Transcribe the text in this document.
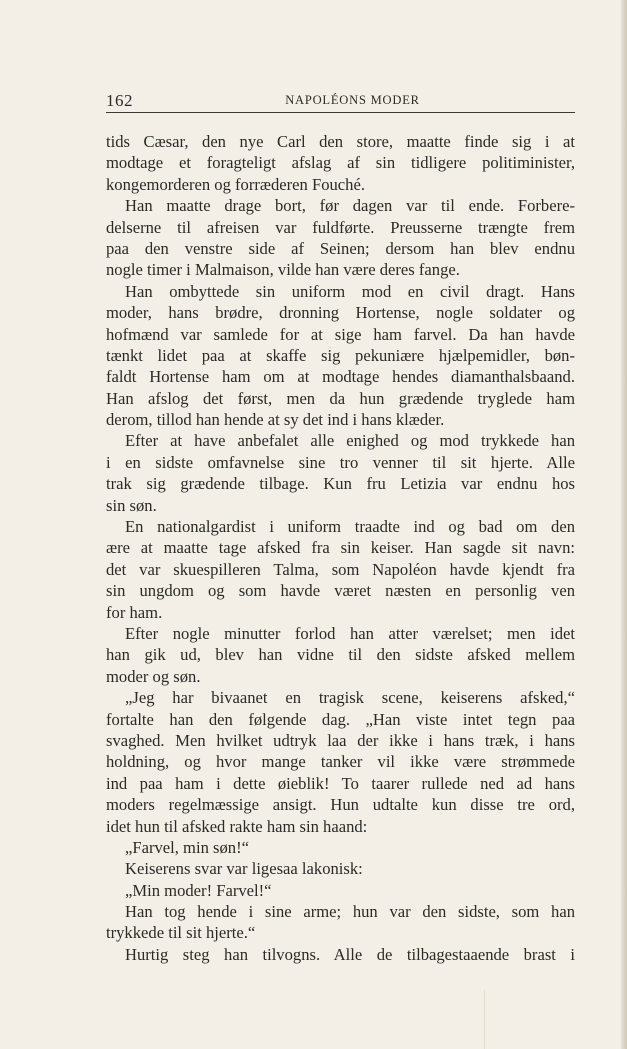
162	NAPOLÉONS MODER
tids Cæsar, den nye Carl den store, maatte finde sig i at
modtage et foragteligt afslag af sin tidligere politiminister,
kongemorderen og forræderen Fouché.
Han maatte drage bort, før dagen var til ende. Forbere-
delserne til afreisen var fuldførte. Preusserne trængte frem
paa den venstre side af Seinen; dersom han blev endnu
nogle timer i Malmaison, vilde han være deres fange.
Han ombyttede sin uniform mod en civil dragt. Hans
moder, hans brødre, dronning Hortense, nogle soldater og
hofmænd var samlede for at sige ham farvel. Da han havde
tænkt lidet paa at skaffe sig pekuniære hjælpemidler, bøn-
faldt Hortense ham om at modtage hendes diamanthalsbaand.
Han afslog det først, men da hun grædende tryglede ham
derom, tillod han hende at sy det ind i hans klæder.
Efter at have anbefalet alle enighed og mod trykkede han
i en sidste omfavnelse sine tro venner til sit hjerte. Alle
trak sig grædende tilbage. Kun fru Letizia var endnu hos
sin søn.
En nationalgardist i uniform traadte ind og bad om den
ære at maatte tage afsked fra sin keiser. Han sagde sit navn:
det var skuespilleren Talma, som Napoléon havde kjendt fra
sin ungdom og som havde været næsten en personlig ven
for ham.
Efter nogle minutter forlod han atter værelset; men idet
han gik ud, blev han vidne til den sidste afsked mellem
moder og søn.
„Jeg har bivaanet en tragisk scene, keiserens afsked,“
fortalte han den følgende dag. „Han viste intet tegn paa
svaghed. Men hvilket udtryk laa der ikke i hans træk, i hans
holdning, og hvor mange tanker vil ikke være strømmede
ind paa ham i dette øieblik! To taarer rullede ned ad hans
moders regelmæssige ansigt. Hun udtalte kun disse tre ord,
idet hun til afsked rakte ham sin haand:
„Farvel, min søn!“
Keiserens svar var ligesaa lakonisk:
„Min moder! Farvel!“
Han tog hende i sine arme; hun var den sidste, som han
trykkede til sit hjerte.“
Hurtig steg han tilvogns. Alle de tilbagestaaende brast i
